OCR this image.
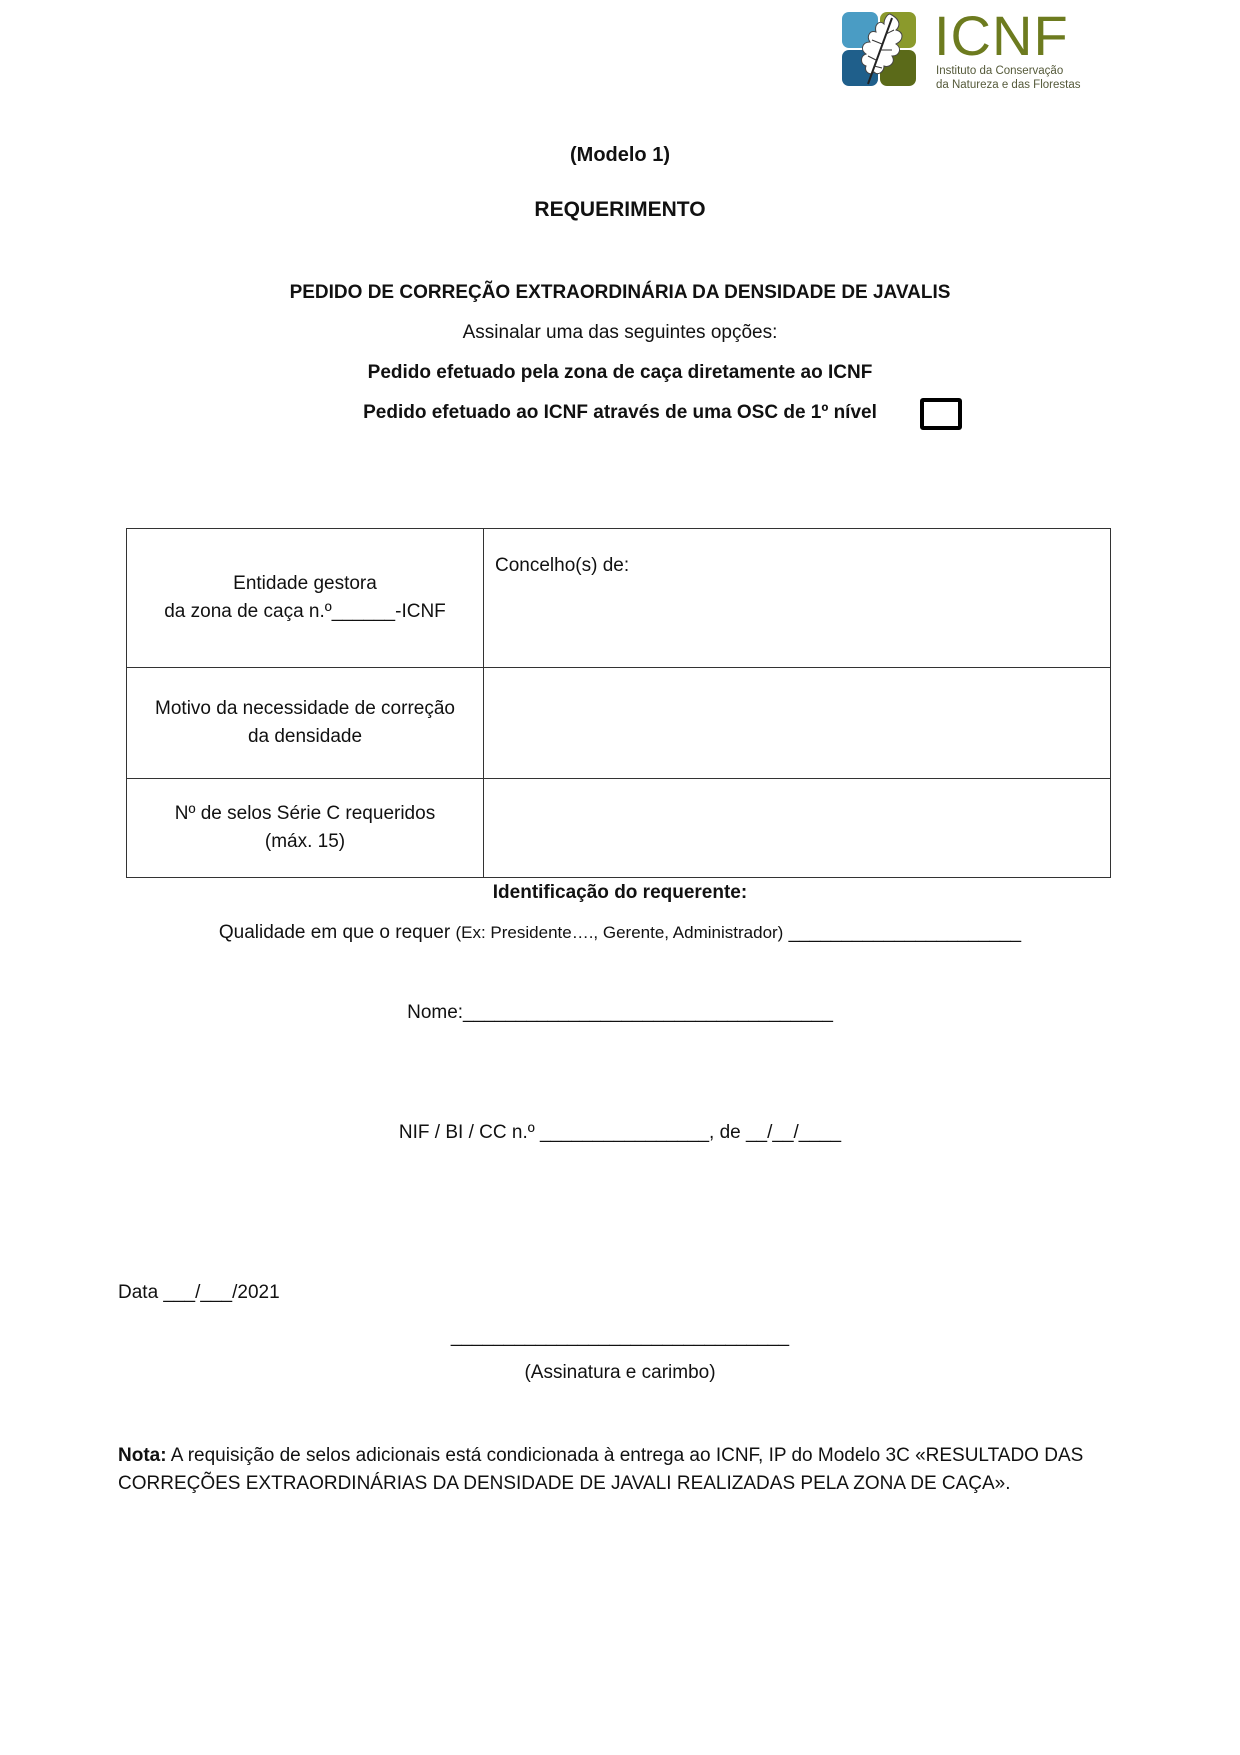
ICNF
Instituto da Conservação
da Natureza e das Florestas
(Modelo 1)
REQUERIMENTO
PEDIDO DE CORREÇÃO EXTRAORDINÁRIA DA DENSIDADE DE JAVALIS
Assinalar uma das seguintes opções:
Pedido efetuado pela zona de caça diretamente ao ICNF
Pedido efetuado ao ICNF através de uma OSC de 1º nível
Entidade gestora
da zona de caça n.º______-ICNF	Concelho(s) de:

Motivo da necessidade de correção
da densidade	

Nº de selos Série C requeridos
(máx. 15)	

Identificação do requerente:
Qualidade em que o requer (Ex: Presidente…., Gerente, Administrador) ______________________
Nome:___________________________________
NIF / BI / CC n.º ________________, de __/__/____
Data ___/___/2021
________________________________
(Assinatura e carimbo)
Nota: A requisição de selos adicionais está condicionada à entrega ao ICNF, IP do Modelo 3C «RESULTADO DAS CORREÇÕES EXTRAORDINÁRIAS DA DENSIDADE DE JAVALI REALIZADAS PELA ZONA DE CAÇA».
